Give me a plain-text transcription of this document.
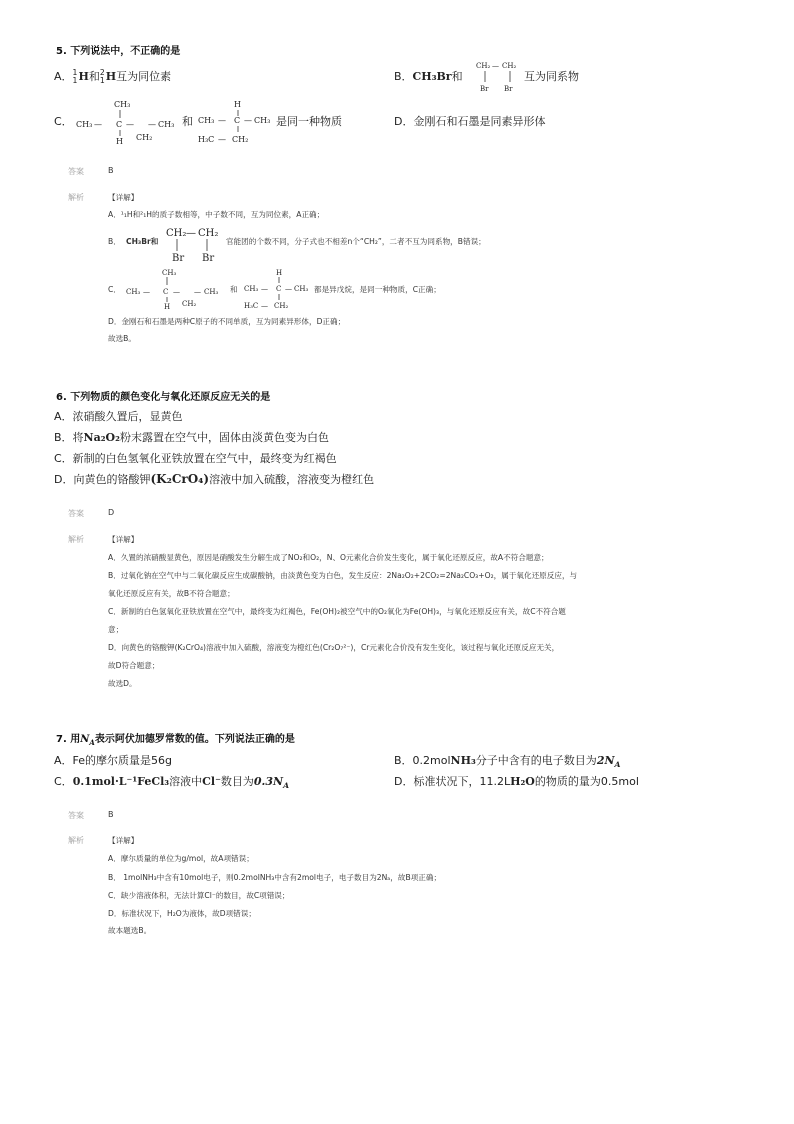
5. 下列说法中，不正确的是
A． 1
1 H和 2
1 H互为同位素	B．CH₃Br和
CH₂ — CH₂
Br Br
互为同系物
C．
CH₃
CH₃ — C —
CH₂
— CH₃
H
和
H
CH₃ — C — CH₃
H₃C — CH₂
是同一种物质	D．金刚石和石墨是同素异形体
答案	B
解析	【详解】
A．¹₁H和²₁H的质子数相等，中子数不同，互为同位素，A正确；
B． CH₃Br和
CH₂ — CH₂
Br Br
官能团的个数不同，分子式也不相差n个“CH₂”，二者不互为同系物，B错误；
C．
CH₃
CH₃ — C —
CH₂
— CH₃
H
和
H
CH₃ — C — CH₃
H₃C — CH₂
都是异戊烷，是同一种物质，C正确；
D．金刚石和石墨是两种C原子的不同单质，互为同素异形体，D正确；
故选B。
6. 下列物质的颜色变化与氧化还原反应无关的是
A．浓硝酸久置后，显黄色
B．将Na₂O₂粉末露置在空气中，固体由淡黄色变为白色
C．新制的白色氢氧化亚铁放置在空气中，最终变为红褐色
D．向黄色的铬酸钾(K₂CrO₄)溶液中加入硫酸，溶液变为橙红色
答案	D
解析	【详解】
A．久置的浓硝酸显黄色，原因是硝酸发生分解生成了NO₂和O₂，N、O元素化合价发生变化，属于氧化还原反应，故A不符合题意；
B．过氧化钠在空气中与二氧化碳反应生成碳酸钠，由淡黄色变为白色，发生反应：2Na₂O₂+2CO₂=2Na₂CO₃+O₂，属于氧化还原反应，与
氧化还原反应有关，故B不符合题意；
C．新制的白色氢氧化亚铁放置在空气中，最终变为红褐色，Fe(OH)₂被空气中的O₂氧化为Fe(OH)₃，与氧化还原反应有关，故C不符合题
意；
D．向黄色的铬酸钾(K₂CrO₄)溶液中加入硫酸，溶液变为橙红色(Cr₂O₇²⁻)，Cr元素化合价没有发生变化，该过程与氧化还原反应无关，
故D符合题意；
故选D。
7. 用$N_A$表示阿伏加德罗常数的值。下列说法正确的是
A．Fe的摩尔质量是56g	B．0.2molNH₃分子中含有的电子数目为$2N_A$
C．0.1mol·L⁻¹FeCl₃溶液中Cl⁻数目为$0.3N_A$	D．标准状况下，11.2LH₂O的物质的量为0.5mol
答案	B
解析	【详解】
A．摩尔质量的单位为g/mol，故A项错误；
B． 1molNH₃中含有10mol电子，则0.2molNH₃中含有2mol电子，电子数目为2Nₐ，故B项正确；
C．缺少溶液体积，无法计算Cl⁻的数目，故C项错误；
D．标准状况下，H₂O为液体，故D项错误；
故本题选B。
